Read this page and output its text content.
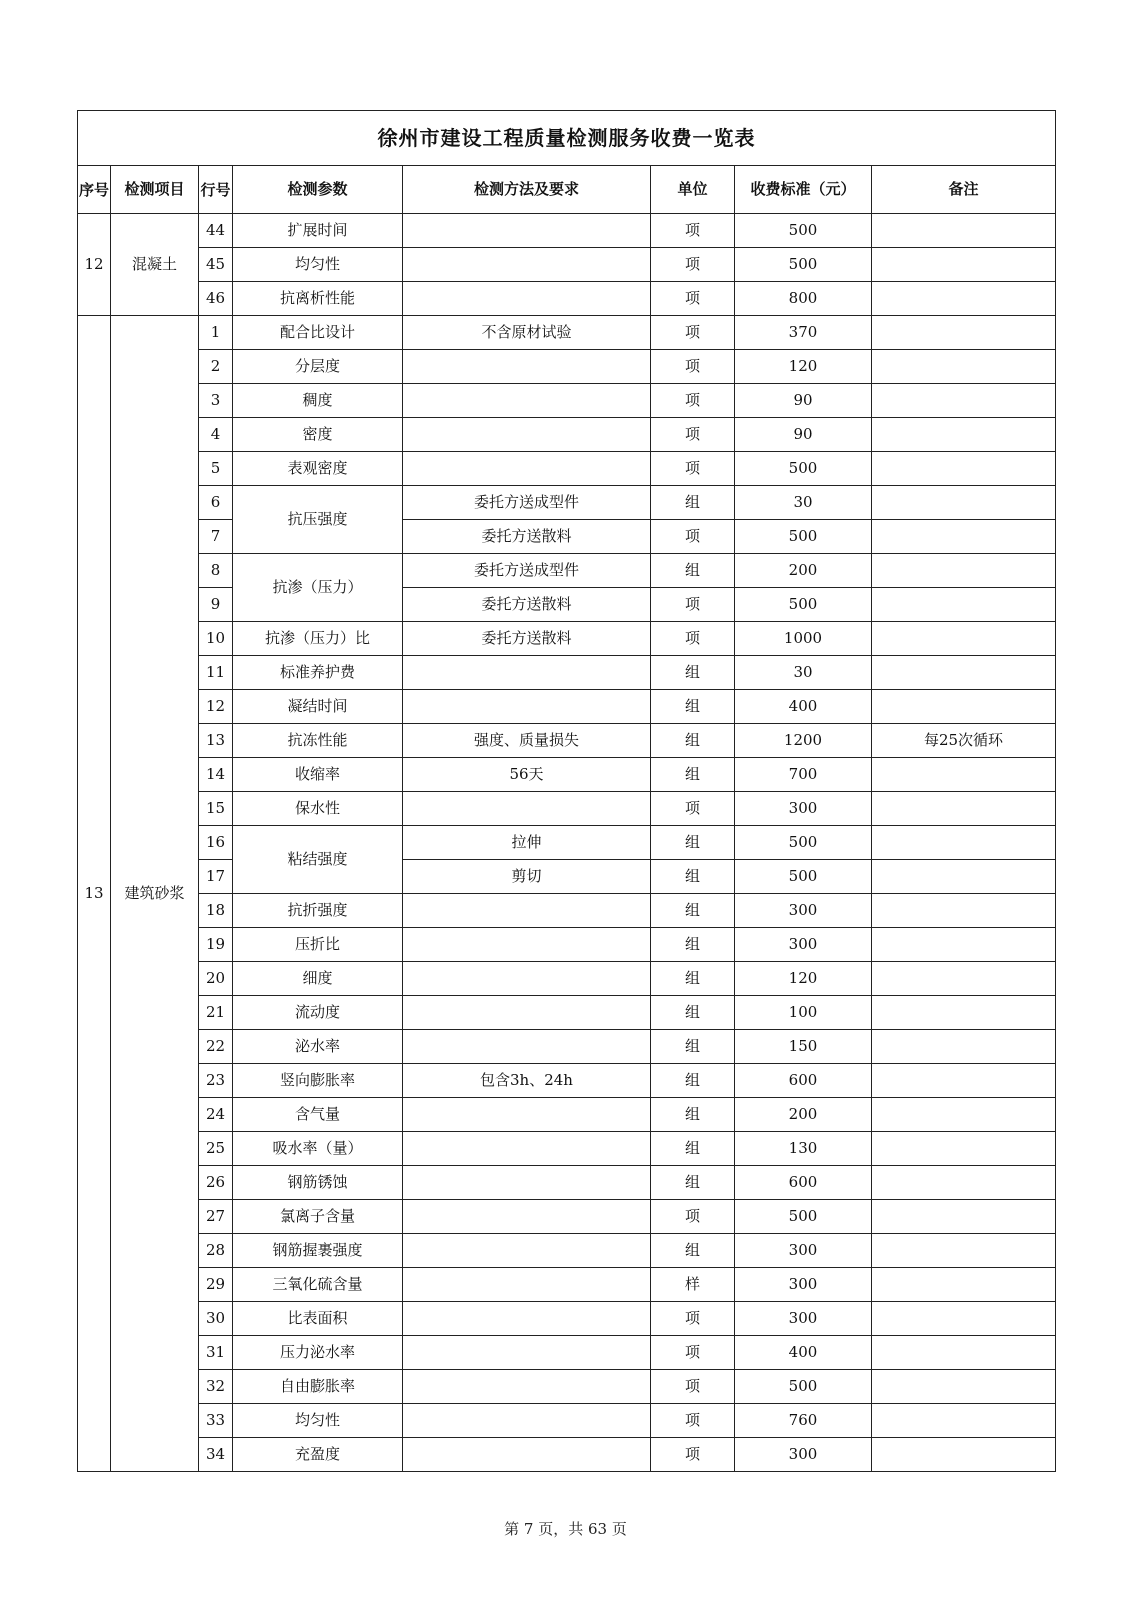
徐州市建设工程质量检测服务收费一览表							

序号	检测项目	行号	检测参数	检测方法及要求	单位	收费标准（元）	备注
12	混凝土	44	扩展时间		项	500	
		45	均匀性		项	500	
		46	抗离析性能		项	800	
13	建筑砂浆	1	配合比设计	不含原材试验	项	370	
		2	分层度		项	120	
		3	稠度		项	90	
		4	密度		项	90	
		5	表观密度		项	500	
		6	抗压强度	委托方送成型件	组	30	
		7		委托方送散料	项	500	
		8	抗渗（压力）	委托方送成型件	组	200	
		9		委托方送散料	项	500	
		10	抗渗（压力）比	委托方送散料	项	1000	
		11	标准养护费		组	30	
		12	凝结时间		组	400	
		13	抗冻性能	强度、质量损失	组	1200	每25次循环
		14	收缩率	56天	组	700	
		15	保水性		项	300	
		16	粘结强度	拉伸	组	500	
		17		剪切	组	500	
		18	抗折强度		组	300	
		19	压折比		组	300	
		20	细度		组	120	
		21	流动度		组	100	
		22	泌水率		组	150	
		23	竖向膨胀率	包含3h、24h	组	600	
		24	含气量		组	200	
		25	吸水率（量）		组	130	
		26	钢筋锈蚀		组	600	
		27	氯离子含量		项	500	
		28	钢筋握裹强度		组	300	
		29	三氧化硫含量		样	300	
		30	比表面积		项	300	
		31	压力泌水率		项	400	
		32	自由膨胀率		项	500	
		33	均匀性		项	760	
		34	充盈度		项	300	
第 7 页，共 63 页
